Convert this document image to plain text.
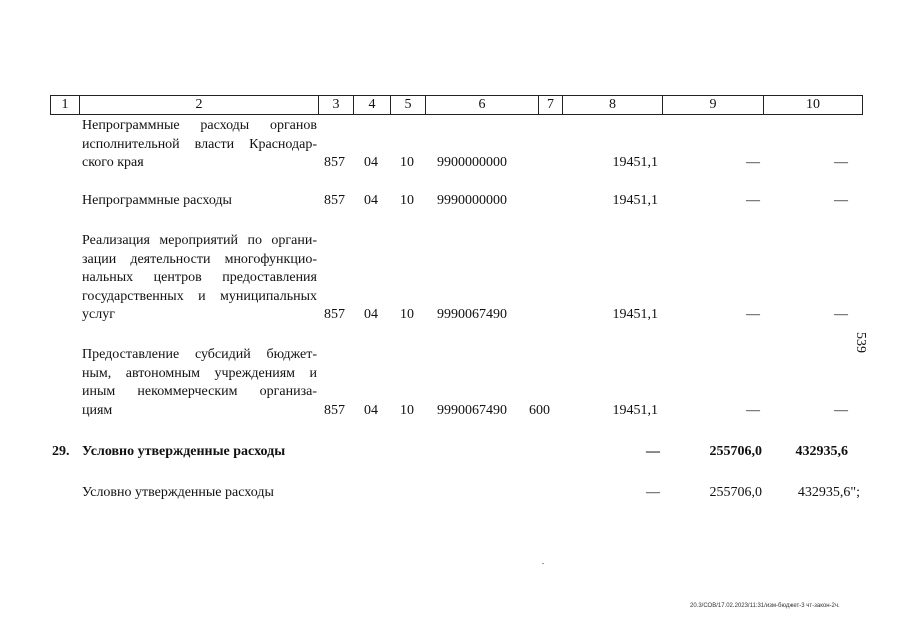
1	2	3	4	5	6	7	8	9	10
Непрограммные расходы органов
исполнительной власти Краснодар-
ского края	857 04 10 9900000000	19451,1	—	—
Непрограммные расходы	857 04 10 9990000000	19451,1	—	—
Реализация мероприятий по органи-
зации деятельности многофункцио-
нальных центров предоставления
государственных и муниципальных
услуг	857 04 10 9990067490	19451,1	—	—
Предоставление субсидий бюджет-
ным, автономным учреждениям и
иным некоммерческим организа-
циям	857 04 10 9990067490 600	19451,1	—	—
29. Условно утвержденные расходы	—	255706,0	432935,6
Условно утвержденные расходы	—	255706,0	432935,6";
539
20.3/СОВ/17.02.2023/11:31/изм-бюджет-3 чт-закон-2ч.
